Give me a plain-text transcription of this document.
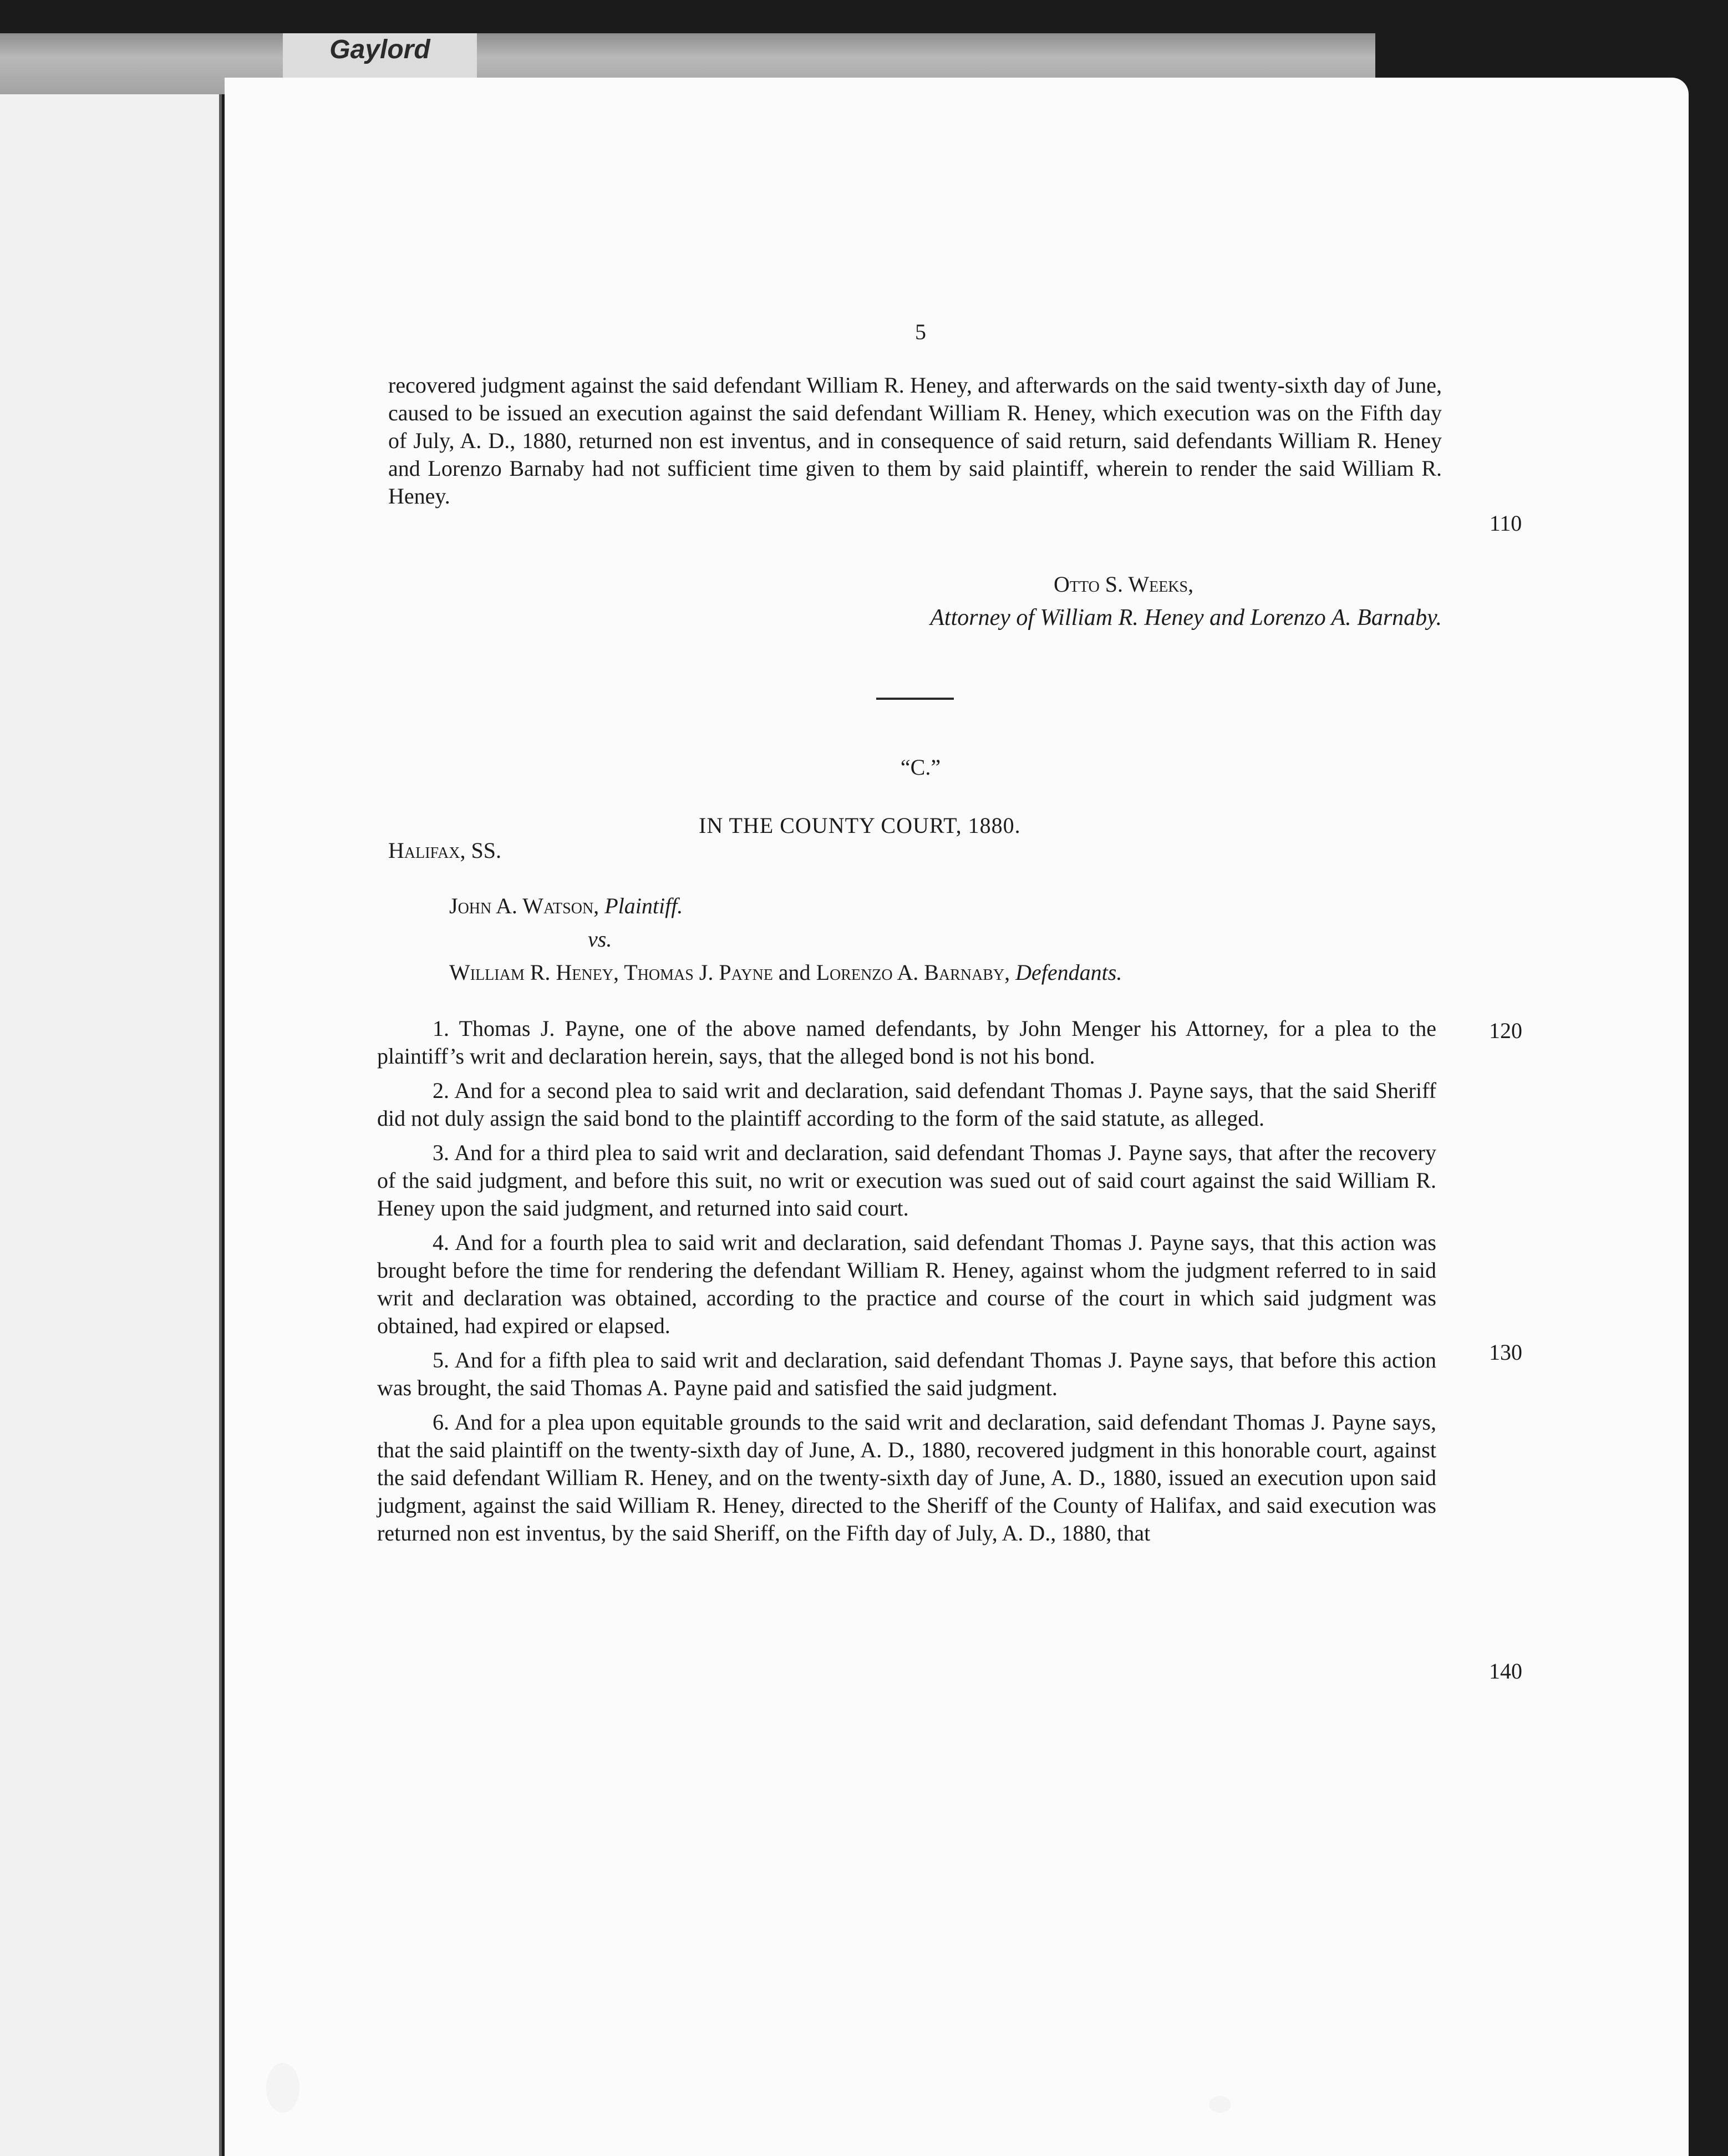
Gaylord
5

recovered judgment against the said defendant William R. Heney, and afterwards on the said twenty-sixth day of June, caused to be issued an execution against the said defendant William R. Heney, which execution was on the Fifth day of July, A. D., 1880, returned non est inventus, and in consequence of said return, said defendants William R. Heney and Lorenzo Barnaby had not sufficient time given to them by said plaintiff, wherein to render the said William R. Heney.

110
Otto S. Weeks,
Attorney of William R. Heney and Lorenzo A. Barnaby.
“C.”
IN THE COUNTY COURT, 1880.
Halifax, SS.
John A. Watson, Plaintiff.
vs.
William R. Heney, Thomas J. Payne and Lorenzo A. Barnaby, Defendants.

1. Thomas J. Payne, one of the above named defendants, by John Menger his Attorney, for a plea to the plaintiff’s writ and declaration herein, says, that the alleged bond is not his bond.

2. And for a second plea to said writ and declaration, said defendant Thomas J. Payne says, that the said Sheriff did not duly assign the said bond to the plaintiff according to the form of the said statute, as alleged.

3. And for a third plea to said writ and declaration, said defendant Thomas J. Payne says, that after the recovery of the said judgment, and before this suit, no writ or execution was sued out of said court against the said William R. Heney upon the said judgment, and returned into said court.

4. And for a fourth plea to said writ and declaration, said defendant Thomas J. Payne says, that this action was brought before the time for rendering the defendant William R. Heney, against whom the judgment referred to in said writ and declaration was obtained, according to the practice and course of the court in which said judgment was obtained, had expired or elapsed.

5. And for a fifth plea to said writ and declaration, said defendant Thomas J. Payne says, that before this action was brought, the said Thomas A. Payne paid and satisfied the said judgment.

6. And for a plea upon equitable grounds to the said writ and declaration, said defendant Thomas J. Payne says, that the said plaintiff on the twenty-sixth day of June, A. D., 1880, recovered judgment in this honorable court, against the said defendant William R. Heney, and on the twenty-sixth day of June, A. D., 1880, issued an execution upon said judgment, against the said William R. Heney, directed to the Sheriff of the County of Halifax, and said execution was returned non est inventus, by the said Sheriff, on the Fifth day of July, A. D., 1880, that

120
130
140
